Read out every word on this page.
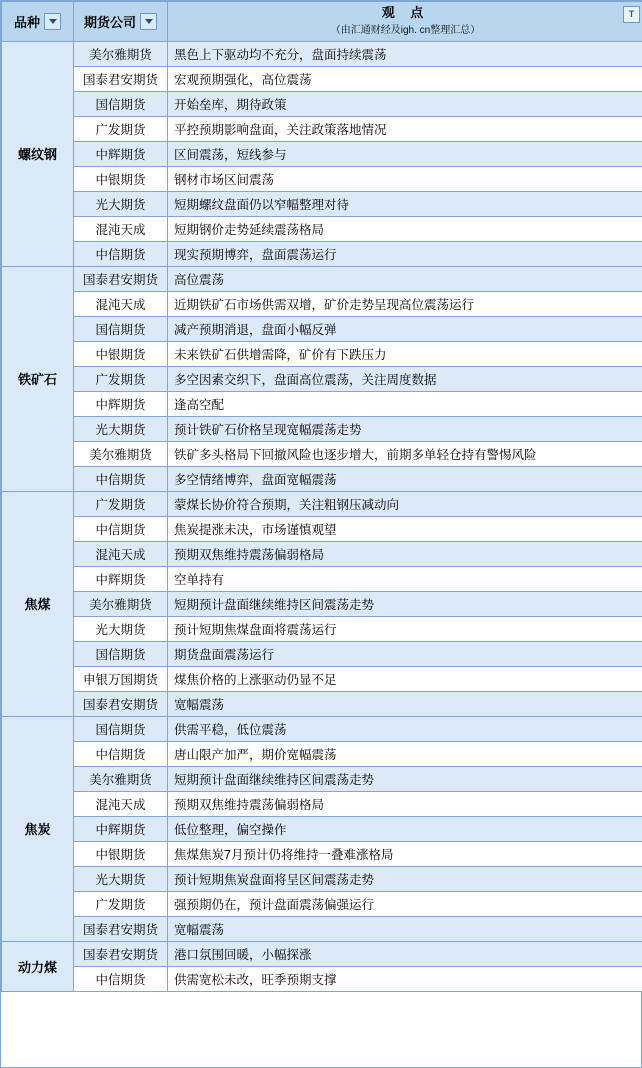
品种	期货公司	观 点
（由汇通财经及igh. cn整理汇总）
T

螺纹钢	美尔雅期货	黑色上下驱动均不充分，盘面持续震荡
	国泰君安期货	宏观预期强化，高位震荡
	国信期货	开始垒库，期待政策
	广发期货	平控预期影响盘面，关注政策落地情况
	中辉期货	区间震荡，短线参与
	中银期货	钢材市场区间震荡
	光大期货	短期螺纹盘面仍以窄幅整理对待
	混沌天成	短期钢价走势延续震荡格局
	中信期货	现实预期博弈，盘面震荡运行
铁矿石	国泰君安期货	高位震荡
	混沌天成	近期铁矿石市场供需双增，矿价走势呈现高位震荡运行
	国信期货	减产预期消退，盘面小幅反弹
	中银期货	未来铁矿石供增需降，矿价有下跌压力
	广发期货	多空因素交织下，盘面高位震荡，关注周度数据
	中辉期货	逢高空配
	光大期货	预计铁矿石价格呈现宽幅震荡走势
	美尔雅期货	铁矿多头格局下回撤风险也逐步增大，前期多单轻仓持有警惕风险
	中信期货	多空情绪博弈，盘面宽幅震荡
焦煤	广发期货	蒙煤长协价符合预期，关注粗钢压减动向
	中信期货	焦炭提涨未决，市场谨慎观望
	混沌天成	预期双焦维持震荡偏弱格局
	中辉期货	空单持有
	美尔雅期货	短期预计盘面继续维持区间震荡走势
	光大期货	预计短期焦煤盘面将震荡运行
	国信期货	期货盘面震荡运行
	申银万国期货	煤焦价格的上涨驱动仍显不足
	国泰君安期货	宽幅震荡
焦炭	国信期货	供需平稳，低位震荡
	中信期货	唐山限产加严，期价宽幅震荡
	美尔雅期货	短期预计盘面继续维持区间震荡走势
	混沌天成	预期双焦维持震荡偏弱格局
	中辉期货	低位整理，偏空操作
	中银期货	焦煤焦炭7月预计仍将维持一叠难涨格局
	光大期货	预计短期焦炭盘面将呈区间震荡走势
	广发期货	强预期仍在，预计盘面震荡偏强运行
	国泰君安期货	宽幅震荡
动力煤	国泰君安期货	港口氛围回暖，小幅探涨
	中信期货	供需宽松未改，旺季预期支撑
